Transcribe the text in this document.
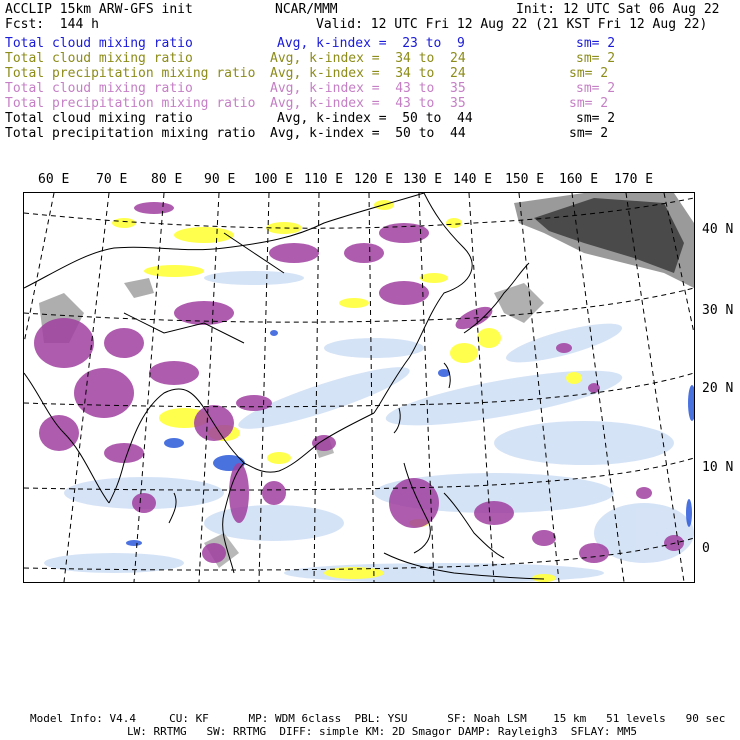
ACCLIP 15km ARW-GFS init	NCAR/MMM	Init: 12 UTC Sat 06 Aug 22
Fcst:  144 h	Valid: 12 UTC Fri 12 Aug 22 (21 KST Fri 12 Aug 22)
Total cloud mixing ratio	Avg, k-index =  23 to  9	sm= 2
Total cloud mixing ratio	Avg, k-index =  34 to  24	sm= 2
Total precipitation mixing ratio Avg, k-index =  34 to  24	sm= 2
Total cloud mixing ratio	Avg, k-index =  43 to  35	sm= 2
Total precipitation mixing ratio Avg, k-index =  43 to  35	sm= 2
Total cloud mixing ratio	Avg, k-index =  50 to  44	sm= 2
Total precipitation mixing ratio Avg, k-index =  50 to  44	sm= 2
60 E 70 E 80 E 90 E 100 E 110 E 120 E 130 E 140 E 150 E 160 E 170 E
40 N
30 N
20 N
10 N
0
Model Info: V4.4     CU: KF      MP: WDM 6class  PBL: YSU      SF: Noah LSM    15 km   51 levels   90 sec
LW: RRTMG   SW: RRTMG  DIFF: simple KM: 2D Smagor DAMP: Rayleigh3  SFLAY: MM5
